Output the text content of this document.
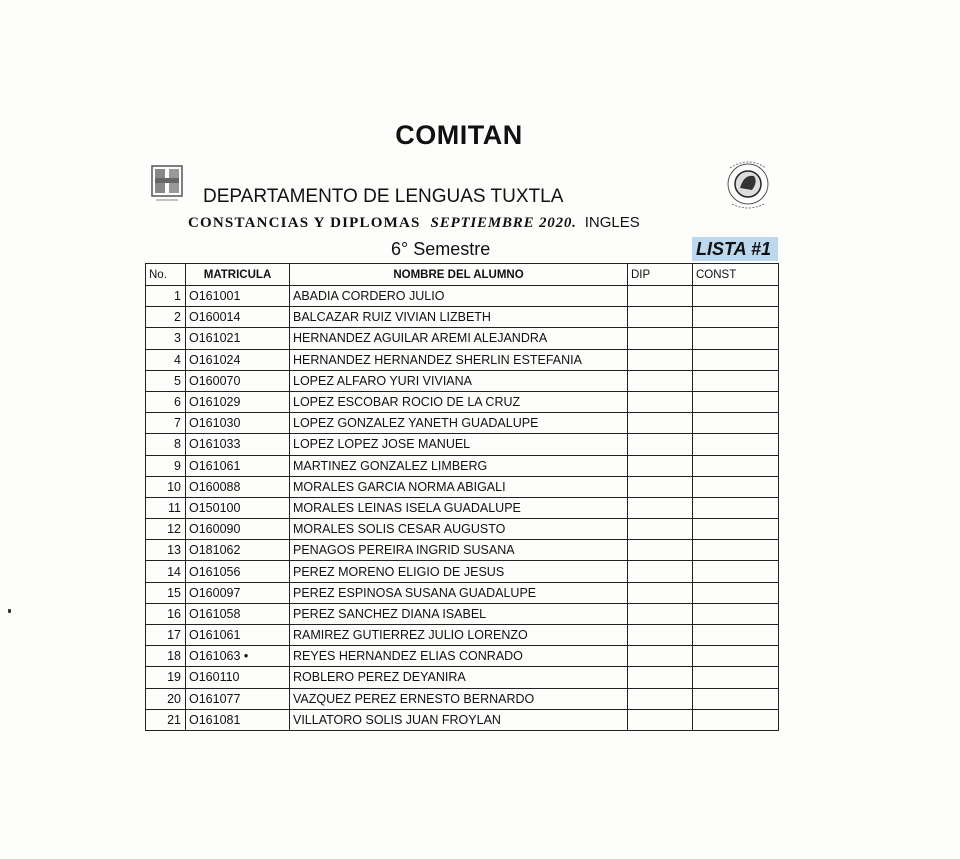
COMITAN
DEPARTAMENTO DE LENGUAS TUXTLA
CONSTANCIAS Y DIPLOMAS SEPTIEMBRE 2020. INGLES
6° Semestre	LISTA #1
No.	MATRICULA	NOMBRE DEL ALUMNO	DIP	CONST
1	O161001	ABADIA CORDERO JULIO		
2	O160014	BALCAZAR RUIZ VIVIAN LIZBETH		
3	O161021	HERNANDEZ AGUILAR AREMI ALEJANDRA		
4	O161024	HERNANDEZ HERNANDEZ SHERLIN ESTEFANIA		
5	O160070	LOPEZ ALFARO YURI VIVIANA		
6	O161029	LOPEZ ESCOBAR ROCIO DE LA CRUZ		
7	O161030	LOPEZ GONZALEZ YANETH GUADALUPE		
8	O161033	LOPEZ LOPEZ JOSE MANUEL		
9	O161061	MARTINEZ GONZALEZ LIMBERG		
10	O160088	MORALES GARCIA NORMA ABIGALI		
11	O150100	MORALES LEINAS ISELA GUADALUPE		
12	O160090	MORALES SOLIS CESAR AUGUSTO		
13	O181062	PENAGOS PEREIRA INGRID SUSANA		
14	O161056	PEREZ MORENO ELIGIO DE JESUS		
15	O160097	PEREZ ESPINOSA SUSANA GUADALUPE		
16	O161058	PEREZ SANCHEZ DIANA ISABEL		
17	O161061	RAMIREZ GUTIERREZ JULIO LORENZO		
18	O161063 •	REYES HERNANDEZ ELIAS CONRADO		
19	O160110	ROBLERO PEREZ DEYANIRA		
20	O161077	VAZQUEZ PEREZ ERNESTO BERNARDO		
21	O161081	VILLATORO SOLIS JUAN FROYLAN		
